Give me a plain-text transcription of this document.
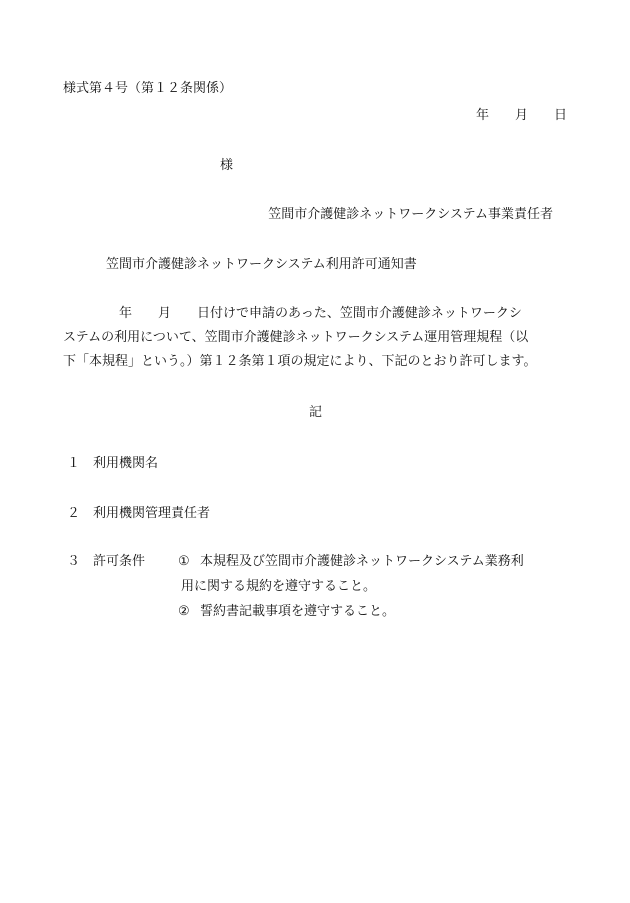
様式第４号（第１２条関係）
年 月 日
様
笠間市介護健診ネットワークシステム事業責任者
笠間市介護健診ネットワークシステム利用許可通知書
年 月 日付けで申請のあった、笠間市介護健診ネットワークシ
ステムの利用について、笠間市介護健診ネットワークシステム運用管理規程（以
下「本規程」という。）第１２条第１項の規定により、下記のとおり許可します。
記
１ 利用機関名
２ 利用機関管理責任者
３ 許可条件	① 本規程及び笠間市介護健診ネットワークシステム業務利
用に関する規約を遵守すること。
② 誓約書記載事項を遵守すること。
